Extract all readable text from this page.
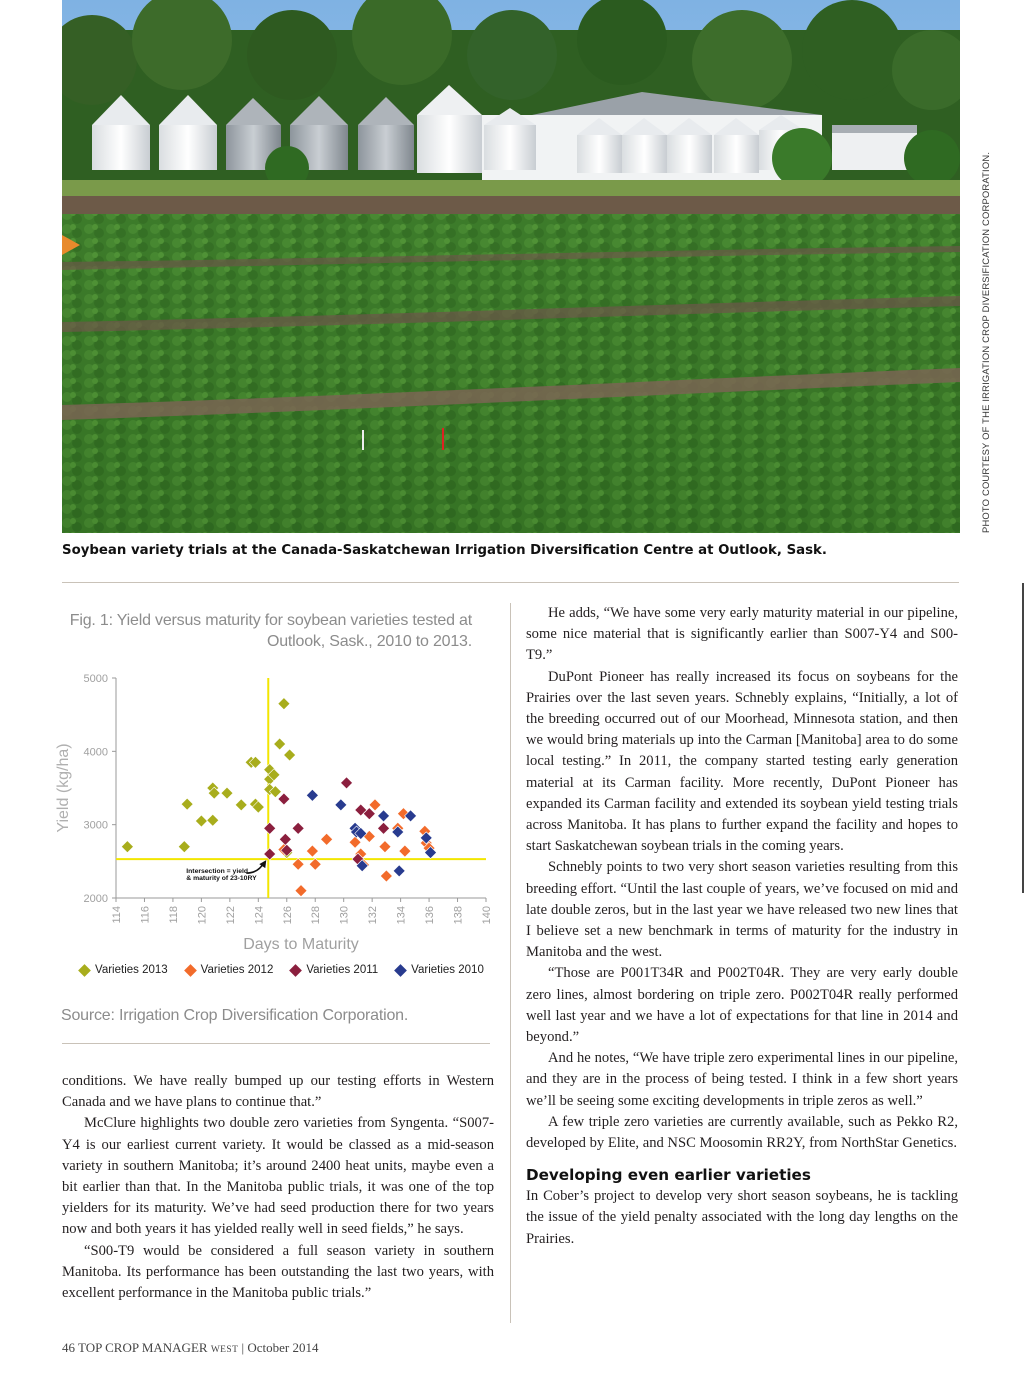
PHOTO COURTESY OF THE IRRIGATION CROP DIVERSIFICATION CORPORATION.
Soybean variety trials at the Canada-Saskatchewan Irrigation Diversification Centre at Outlook, Sask.
Fig. 1: Yield versus maturity for soybean varieties tested at
Outlook, Sask., 2010 to 2013.
2000
3000
4000
5000
114 116 118 120 122 124 126 128 130 132 134 136 138 140
Days to Maturity
Yield (kg/ha)
Intersection = yield
& maturity of 23-10RY
Varieties 2013	Varieties 2012	Varieties 2011	Varieties 2010
Source: Irrigation Crop Diversification Corporation.

conditions. We have really bumped up our testing efforts in Western Canada and we have plans to continue that.”

McClure highlights two double zero varieties from Syngenta. “S007-Y4 is our earliest current variety. It would be classed as a mid-season variety in southern Manitoba; it’s around 2400 heat units, maybe even a bit earlier than that. In the Manitoba public trials, it was one of the top yielders for its maturity. We’ve had seed production there for two years now and both years it has yielded really well in seed fields,” he says.

“S00-T9 would be considered a full season variety in southern Manitoba. Its performance has been outstanding the last two years, with excellent performance in the Manitoba public trials.”

He adds, “We have some very early maturity material in our pipeline, some nice material that is significantly earlier than S007-Y4 and S00-T9.”

DuPont Pioneer has really increased its focus on soybeans for the Prairies over the last seven years. Schnebly explains, “Initially, a lot of the breeding occurred out of our Moorhead, Minnesota station, and then we would bring materials up into the Carman [Manitoba] area to do some local testing.” In 2011, the company started testing early generation material at its Carman facility. More recently, DuPont Pioneer has expanded its Carman facility and extended its soybean yield testing trials across Manitoba. It has plans to further expand the facility and hopes to start Saskatchewan soybean trials in the coming years.

Schnebly points to two very short season varieties resulting from this breeding effort. “Until the last couple of years, we’ve focused on mid and late double zeros, but in the last year we have released two new lines that I believe set a new benchmark in terms of maturity for the industry in Manitoba and the west.

“Those are P001T34R and P002T04R. They are very early double zero lines, almost bordering on triple zero. P002T04R really performed well last year and we have a lot of expectations for that line in 2014 and beyond.”

And he notes, “We have triple zero experimental lines in our pipeline, and they are in the process of being tested. I think in a few short years we’ll be seeing some exciting developments in triple zeros as well.”

A few triple zero varieties are currently available, such as Pekko R2, developed by Elite, and NSC Moosomin RR2Y, from NorthStar Genetics.

Developing even earlier varieties

In Cober’s project to develop very short season soybeans, he is tackling the issue of the yield penalty associated with the long day lengths on the Prairies.

46 TOP CROP MANAGER WEST | October 2014
